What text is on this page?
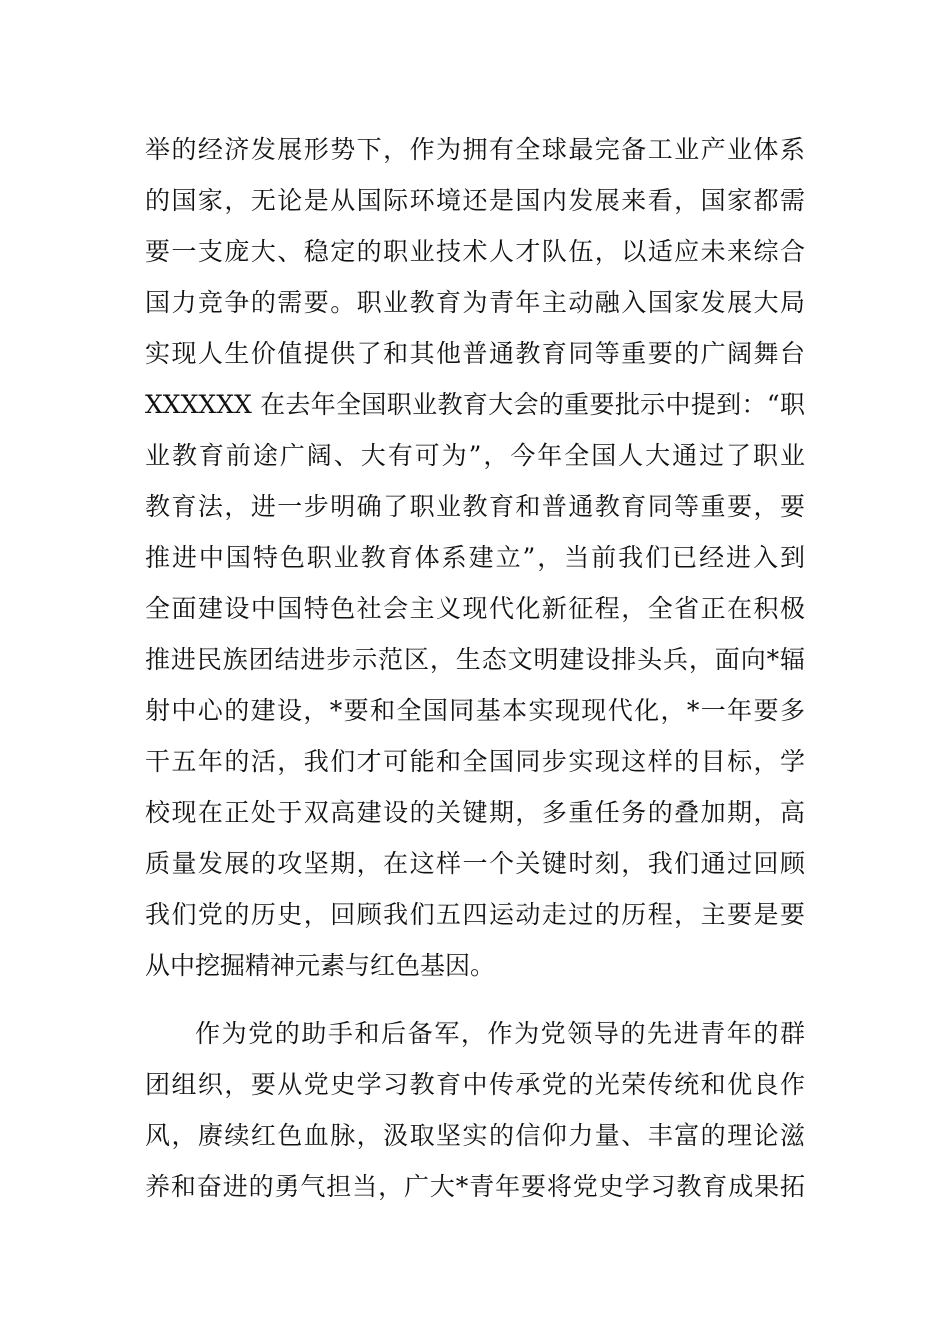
举的经济发展形势下，作为拥有全球最完备工业产业体系
的国家，无论是从国际环境还是国内发展来看，国家都需
要一支庞大、稳定的职业技术人才队伍，以适应未来综合
国力竞争的需要。职业教育为青年主动融入国家发展大局
实现人生价值提供了和其他普通教育同等重要的广阔舞台
XXXXXX 在去年全国职业教育大会的重要批示中提到：“职
业教育前途广阔、大有可为”，今年全国人大通过了职业
教育法，进一步明确了职业教育和普通教育同等重要，要
推进中国特色职业教育体系建立”，当前我们已经进入到
全面建设中国特色社会主义现代化新征程，全省正在积极
推进民族团结进步示范区，生态文明建设排头兵，面向*辐
射中心的建设，*要和全国同基本实现现代化，*一年要多
干五年的活，我们才可能和全国同步实现这样的目标，学
校现在正处于双高建设的关键期，多重任务的叠加期，高
质量发展的攻坚期，在这样一个关键时刻，我们通过回顾
我们党的历史，回顾我们五四运动走过的历程，主要是要
从中挖掘精神元素与红色基因。
作为党的助手和后备军，作为党领导的先进青年的群
团组织，要从党史学习教育中传承党的光荣传统和优良作
风，赓续红色血脉，汲取坚实的信仰力量、丰富的理论滋
养和奋进的勇气担当，广大*青年要将党史学习教育成果拓
